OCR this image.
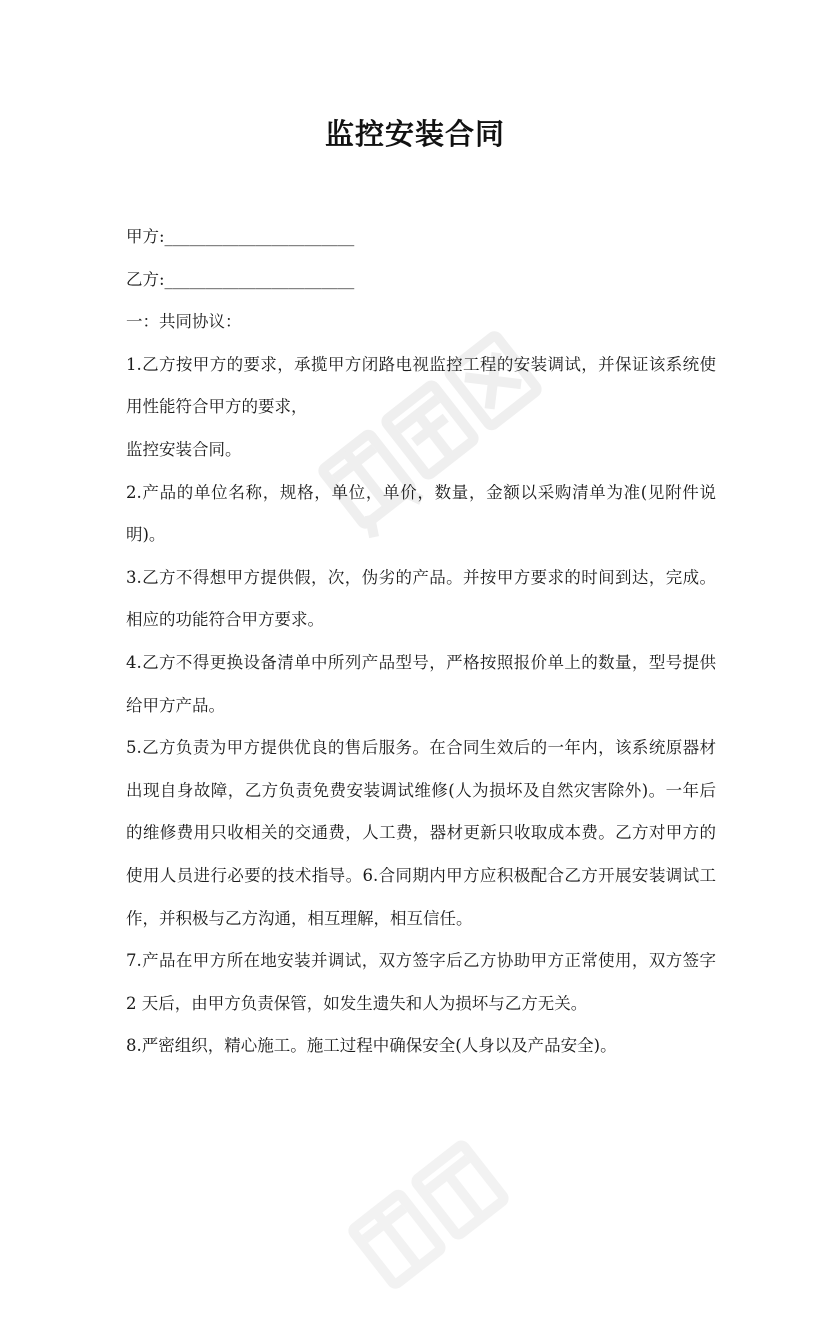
监控安装合同
甲方:_______________________
乙方:_______________________
一：共同协议：
1.乙方按甲方的要求，承揽甲方闭路电视监控工程的安装调试，并保证该系统使
用性能符合甲方的要求，
监控安装合同。
2.产品的单位名称，规格，单位，单价，数量，金额以采购清单为准(见附件说
明)。
3.乙方不得想甲方提供假，次，伪劣的产品。并按甲方要求的时间到达，完成。
相应的功能符合甲方要求。
4.乙方不得更换设备清单中所列产品型号，严格按照报价单上的数量，型号提供
给甲方产品。
5.乙方负责为甲方提供优良的售后服务。在合同生效后的一年内，该系统原器材
出现自身故障，乙方负责免费安装调试维修(人为损坏及自然灾害除外)。一年后
的维修费用只收相关的交通费，人工费，器材更新只收取成本费。乙方对甲方的
使用人员进行必要的技术指导。6.合同期内甲方应积极配合乙方开展安装调试工
作，并积极与乙方沟通，相互理解，相互信任。
7.产品在甲方所在地安装并调试，双方签字后乙方协助甲方正常使用，双方签字
2 天后，由甲方负责保管，如发生遗失和人为损坏与乙方无关。
8.严密组织，精心施工。施工过程中确保安全(人身以及产品安全)。
